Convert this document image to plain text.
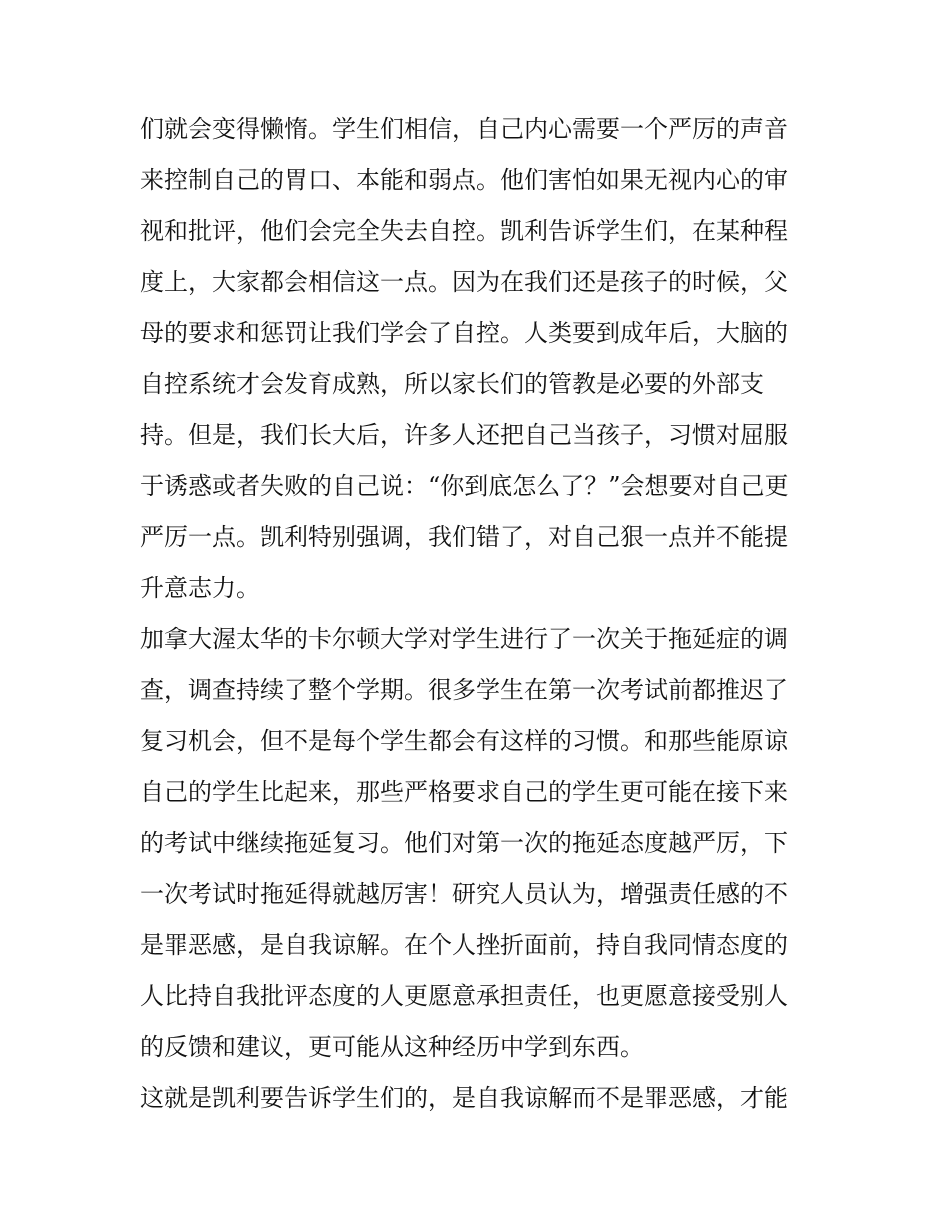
们就会变得懒惰。学生们相信，自己内心需要一个严厉的声音
来控制自己的胃口、本能和弱点。他们害怕如果无视内心的审
视和批评，他们会完全失去自控。凯利告诉学生们，在某种程
度上，大家都会相信这一点。因为在我们还是孩子的时候，父
母的要求和惩罚让我们学会了自控。人类要到成年后，大脑的
自控系统才会发育成熟，所以家长们的管教是必要的外部支
持。但是，我们长大后，许多人还把自己当孩子，习惯对屈服
于诱惑或者失败的自己说：“你到底怎么了？”会想要对自己更
严厉一点。凯利特别强调，我们错了，对自己狠一点并不能提
升意志力。
加拿大渥太华的卡尔顿大学对学生进行了一次关于拖延症的调
查，调查持续了整个学期。很多学生在第一次考试前都推迟了
复习机会，但不是每个学生都会有这样的习惯。和那些能原谅
自己的学生比起来，那些严格要求自己的学生更可能在接下来
的考试中继续拖延复习。他们对第一次的拖延态度越严厉，下
一次考试时拖延得就越厉害！研究人员认为，增强责任感的不
是罪恶感，是自我谅解。在个人挫折面前，持自我同情态度的
人比持自我批评态度的人更愿意承担责任，也更愿意接受别人
的反馈和建议，更可能从这种经历中学到东西。
这就是凯利要告诉学生们的，是自我谅解而不是罪恶感，才能
